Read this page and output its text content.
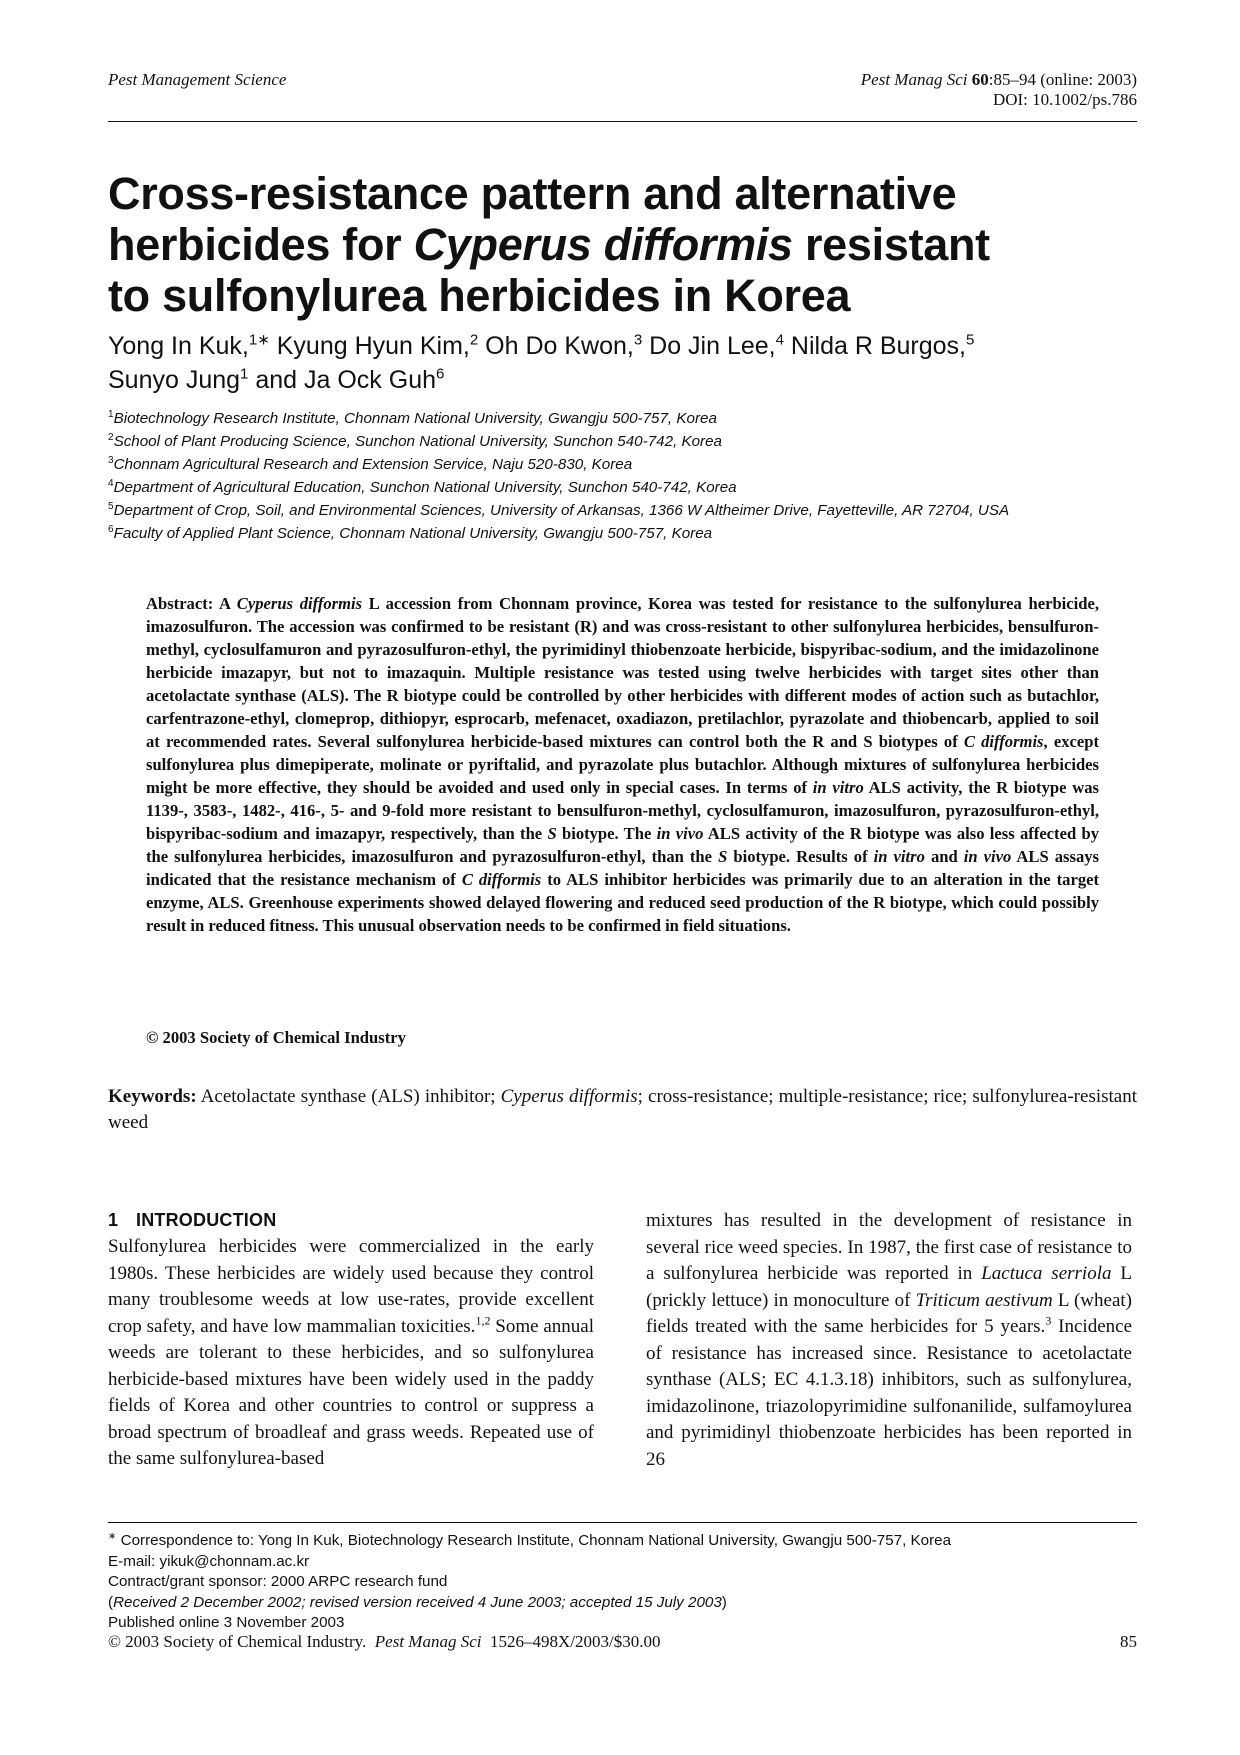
Pest Management Science	Pest Manag Sci 60:85–94 (online: 2003)
DOI: 10.1002/ps.786
Cross-resistance pattern and alternative
herbicides for Cyperus difformis resistant
to sulfonylurea herbicides in Korea
Yong In Kuk,$^{1∗}$ Kyung Hyun Kim,$^2$ Oh Do Kwon,$^3$ Do Jin Lee,$^4$ Nilda R Burgos,$^5$
Sunyo Jung$^1$ and Ja Ock Guh$^6$
$^1$Biotechnology Research Institute, Chonnam National University, Gwangju 500-757, Korea
$^2$School of Plant Producing Science, Sunchon National University, Sunchon 540-742, Korea
$^3$Chonnam Agricultural Research and Extension Service, Naju 520-830, Korea
$^4$Department of Agricultural Education, Sunchon National University, Sunchon 540-742, Korea
$^5$Department of Crop, Soil, and Environmental Sciences, University of Arkansas, 1366 W Altheimer Drive, Fayetteville, AR 72704, USA
$^6$Faculty of Applied Plant Science, Chonnam National University, Gwangju 500-757, Korea
Abstract: A Cyperus difformis L accession from Chonnam province, Korea was tested for resistance to the sulfonylurea herbicide, imazosulfuron. The accession was confirmed to be resistant (R) and was cross-resistant to other sulfonylurea herbicides, bensulfuron-methyl, cyclosulfamuron and pyrazosulfuron-ethyl, the pyrimidinyl thiobenzoate herbicide, bispyribac-sodium, and the imidazolinone herbicide imazapyr, but not to imazaquin. Multiple resistance was tested using twelve herbicides with target sites other than acetolactate synthase (ALS). The R biotype could be controlled by other herbicides with different modes of action such as butachlor, carfentrazone-ethyl, clomeprop, dithiopyr, esprocarb, mefenacet, oxadiazon, pretilachlor, pyrazolate and thiobencarb, applied to soil at recommended rates. Several sulfonylurea herbicide-based mixtures can control both the R and S biotypes of C difformis, except sulfonylurea plus dimepiperate, molinate or pyriftalid, and pyrazolate plus butachlor. Although mixtures of sulfonylurea herbicides might be more effective, they should be avoided and used only in special cases. In terms of in vitro ALS activity, the R biotype was 1139-, 3583-, 1482-, 416-, 5- and 9-fold more resistant to bensulfuron-methyl, cyclosulfamuron, imazosulfuron, pyrazosulfuron-ethyl, bispyribac-sodium and imazapyr, respectively, than the S biotype. The in vivo ALS activity of the R biotype was also less affected by the sulfonylurea herbicides, imazosulfuron and pyrazosulfuron-ethyl, than the S biotype. Results of in vitro and in vivo ALS assays indicated that the resistance mechanism of C difformis to ALS inhibitor herbicides was primarily due to an alteration in the target enzyme, ALS. Greenhouse experiments showed delayed flowering and reduced seed production of the R biotype, which could possibly result in reduced fitness. This unusual observation needs to be confirmed in field situations.
© 2003 Society of Chemical Industry
Keywords: Acetolactate synthase (ALS) inhibitor; Cyperus difformis; cross-resistance; multiple-resistance; rice; sulfonylurea-resistant weed
1 INTRODUCTION
Sulfonylurea herbicides were commercialized in the early 1980s. These herbicides are widely used because they control many troublesome weeds at low use-rates, provide excellent crop safety, and have low mammalian toxicities.$^{1,2}$ Some annual weeds are tolerant to these herbicides, and so sulfonylurea herbicide-based mixtures have been widely used in the paddy fields of Korea and other countries to control or suppress a broad spectrum of broadleaf and grass weeds. Repeated use of the same sulfonylurea-based
mixtures has resulted in the development of resistance in several rice weed species. In 1987, the first case of resistance to a sulfonylurea herbicide was reported in Lactuca serriola L (prickly lettuce) in monoculture of Triticum aestivum L (wheat) fields treated with the same herbicides for 5 years.$^3$ Incidence of resistance has increased since. Resistance to acetolactate synthase (ALS; EC 4.1.3.18) inhibitors, such as sulfonylurea, imidazolinone, triazolopyrimidine sulfonanilide, sulfamoylurea and pyrimidinyl thiobenzoate herbicides has been reported in 26
∗ Correspondence to: Yong In Kuk, Biotechnology Research Institute, Chonnam National University, Gwangju 500-757, Korea
E-mail: yikuk@chonnam.ac.kr
Contract/grant sponsor: 2000 ARPC research fund
(Received 2 December 2002; revised version received 4 June 2003; accepted 15 July 2003)
Published online 3 November 2003
© 2003 Society of Chemical Industry. Pest Manag Sci 1526–498X/2003/$30.00	85
